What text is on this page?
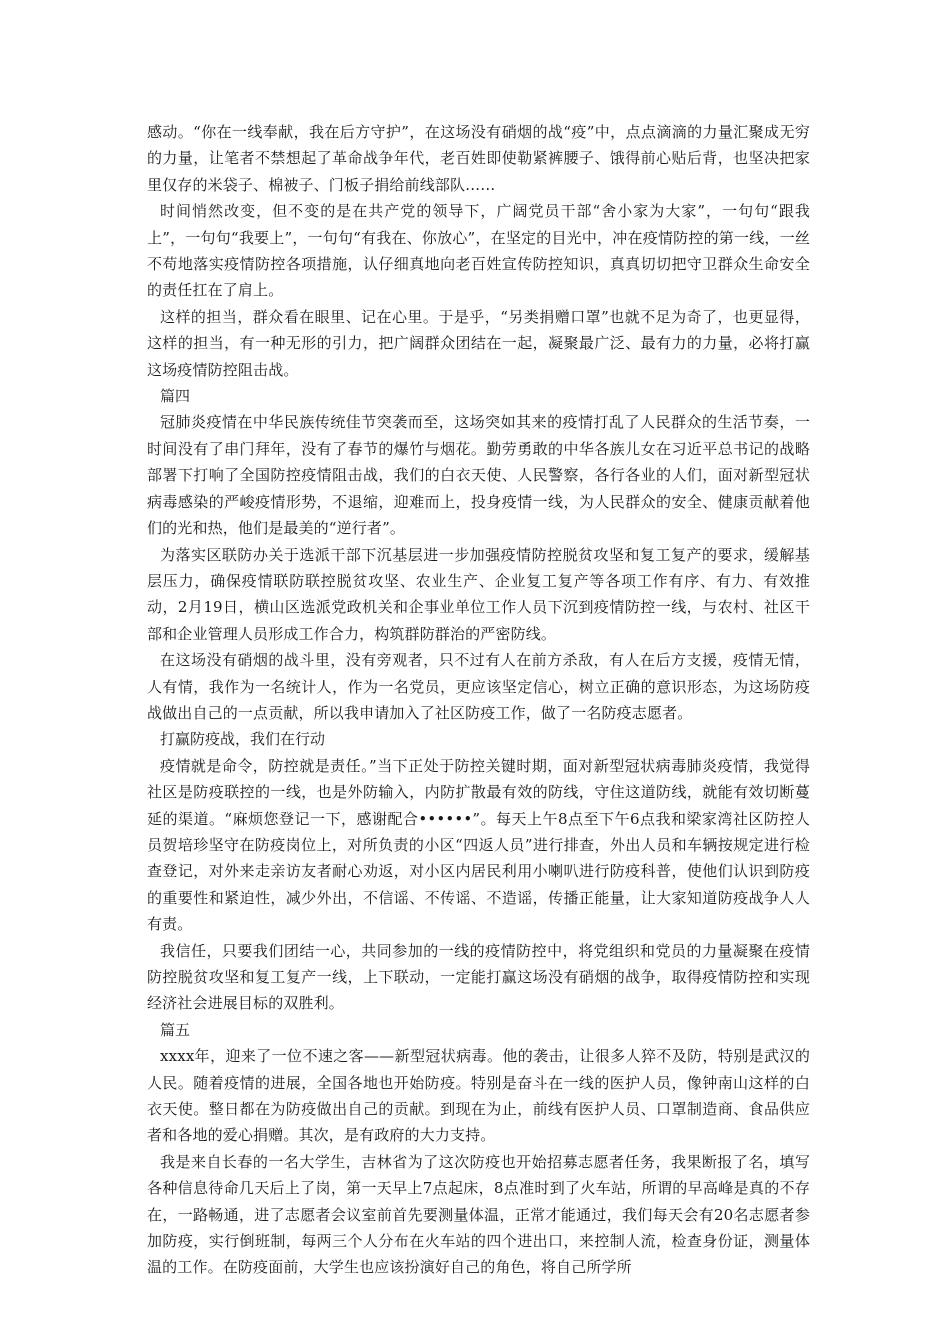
感动。“你在一线奉献，我在后方守护”，在这场没有硝烟的战“疫”中，点点滴滴的力量汇聚成无穷的力量，让笔者不禁想起了革命战争年代，老百姓即使勒紧裤腰子、饿得前心贴后背，也坚决把家里仅存的米袋子、棉被子、门板子捐给前线部队……

时间悄然改变，但不变的是在共产党的领导下，广阔党员干部“舍小家为大家”，一句句“跟我上”，一句句“我要上”，一句句“有我在、你放心”，在坚定的目光中，冲在疫情防控的第一线，一丝不苟地落实疫情防控各项措施，认仔细真地向老百姓宣传防控知识，真真切切把守卫群众生命安全的责任扛在了肩上。

这样的担当，群众看在眼里、记在心里。于是乎，“另类捐赠口罩”也就不足为奇了，也更显得，这样的担当，有一种无形的引力，把广阔群众团结在一起，凝聚最广泛、最有力的力量，必将打赢这场疫情防控阻击战。

篇四

冠肺炎疫情在中华民族传统佳节突袭而至，这场突如其来的疫情打乱了人民群众的生活节奏，一时间没有了串门拜年，没有了春节的爆竹与烟花。勤劳勇敢的中华各族儿女在习近平总书记的战略部署下打响了全国防控疫情阻击战，我们的白衣天使、人民警察，各行各业的人们，面对新型冠状病毒感染的严峻疫情形势，不退缩，迎难而上，投身疫情一线，为人民群众的安全、健康贡献着他们的光和热，他们是最美的“逆行者”。

为落实区联防办关于选派干部下沉基层进一步加强疫情防控脱贫攻坚和复工复产的要求，缓解基层压力，确保疫情联防联控脱贫攻坚、农业生产、企业复工复产等各项工作有序、有力、有效推动，2月19日，横山区选派党政机关和企事业单位工作人员下沉到疫情防控一线，与农村、社区干部和企业管理人员形成工作合力，构筑群防群治的严密防线。

在这场没有硝烟的战斗里，没有旁观者，只不过有人在前方杀敌，有人在后方支援，疫情无情，人有情，我作为一名统计人，作为一名党员，更应该坚定信心，树立正确的意识形态，为这场防疫战做出自己的一点贡献，所以我申请加入了社区防疫工作，做了一名防疫志愿者。

打赢防疫战，我们在行动

疫情就是命令，防控就是责任。”当下正处于防控关键时期，面对新型冠状病毒肺炎疫情，我觉得社区是防疫联控的一线，也是外防输入，内防扩散最有效的防线，守住这道防线，就能有效切断蔓延的渠道。“麻烦您登记一下，感谢配合••••••”。每天上午8点至下午6点我和梁家湾社区防控人员贺培珍坚守在防疫岗位上，对所负责的小区“四返人员”进行排查，外出人员和车辆按规定进行检查登记，对外来走亲访友者耐心劝返，对小区内居民利用小喇叭进行防疫科普，使他们认识到防疫的重要性和紧迫性，减少外出，不信谣、不传谣、不造谣，传播正能量，让大家知道防疫战争人人有责。

我信任，只要我们团结一心，共同参加的一线的疫情防控中，将党组织和党员的力量凝聚在疫情防控脱贫攻坚和复工复产一线，上下联动，一定能打赢这场没有硝烟的战争，取得疫情防控和实现经济社会进展目标的双胜利。

篇五

xxxx年，迎来了一位不速之客——新型冠状病毒。他的袭击，让很多人猝不及防，特别是武汉的人民。随着疫情的进展，全国各地也开始防疫。特别是奋斗在一线的医护人员，像钟南山这样的白衣天使。整日都在为防疫做出自己的贡献。到现在为止，前线有医护人员、口罩制造商、食品供应者和各地的爱心捐赠。其次，是有政府的大力支持。

我是来自长春的一名大学生，吉林省为了这次防疫也开始招募志愿者任务，我果断报了名，填写各种信息待命几天后上了岗，第一天早上7点起床，8点准时到了火车站，所谓的早高峰是真的不存在，一路畅通，进了志愿者会议室前首先要测量体温，正常才能通过，我们每天会有20名志愿者参加防疫，实行倒班制，每两三个人分布在火车站的四个进出口，来控制人流，检查身份证，测量体温的工作。在防疫面前，大学生也应该扮演好自己的角色，将自己所学所
